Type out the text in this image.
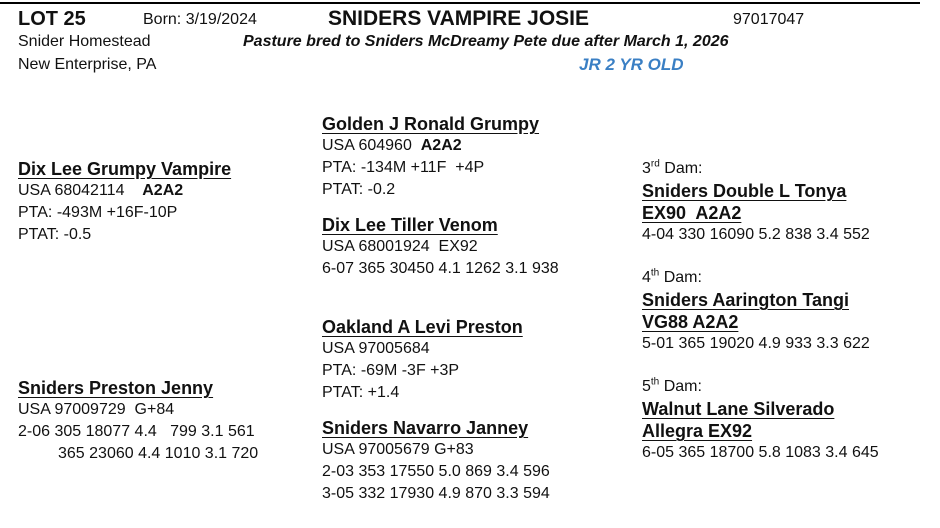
LOT 25	Born: 3/19/2024	SNIDERS VAMPIRE JOSIE	97017047
Snider Homestead
New Enterprise, PA
Pasture bred to Sniders McDreamy Pete due after March 1, 2026
JR 2 YR OLD
Dix Lee Grumpy Vampire
USA 68042114 A2A2
PTA: -493M +16F-10P
PTAT: -0.5
Golden J Ronald Grumpy
USA 604960 A2A2
PTA: -134M +11F  +4P
PTAT: -0.2
Dix Lee Tiller Venom
USA 68001924  EX92
6-07 365 30450 4.1 1262 3.1 938
Sniders Preston Jenny
USA 97009729  G+84
2-06 305 18077 4.4   799 3.1 561
365 23060 4.4 1010 3.1 720
Oakland A Levi Preston
USA 97005684
PTA: -69M -3F +3P
PTAT: +1.4
Sniders Navarro Janney
USA 97005679 G+83
2-03 353 17550 5.0 869 3.4 596
3-05 332 17930 4.9 870 3.3 594
3rd Dam:
Sniders Double L Tonya
EX90  A2A2
4-04 330 16090 5.2 838 3.4 552
4th Dam:
Sniders Aarington Tangi
VG88 A2A2
5-01 365 19020 4.9 933 3.3 622
5th Dam:
Walnut Lane Silverado
Allegra EX92
6-05 365 18700 5.8 1083 3.4 645
